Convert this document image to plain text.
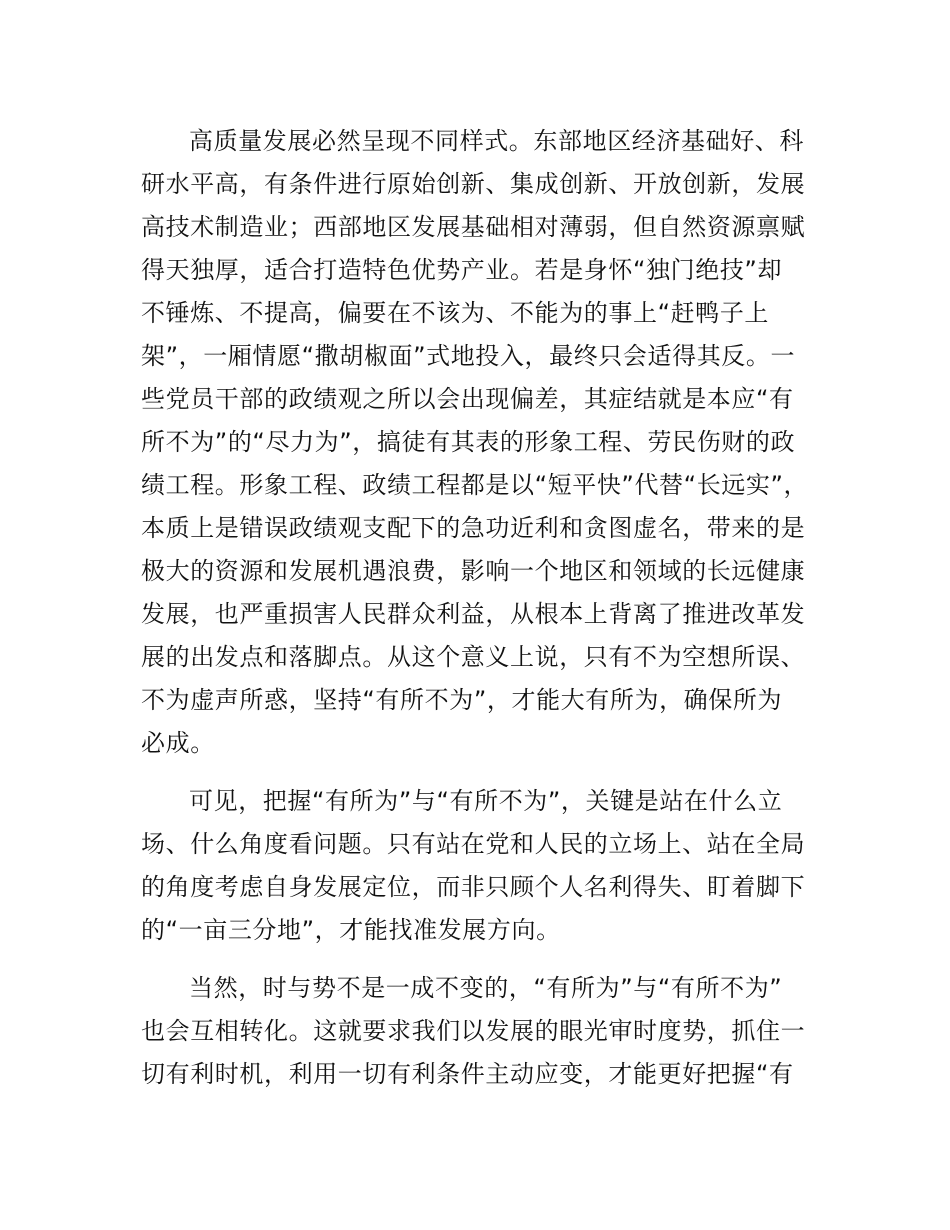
高质量发展必然呈现不同样式。东部地区经济基础好、科
研水平高，有条件进行原始创新、集成创新、开放创新，发展
高技术制造业；西部地区发展基础相对薄弱，但自然资源禀赋
得天独厚，适合打造特色优势产业。若是身怀“独门绝技”却
不锤炼、不提高，偏要在不该为、不能为的事上“赶鸭子上
架”，一厢情愿“撒胡椒面”式地投入，最终只会适得其反。一
些党员干部的政绩观之所以会出现偏差，其症结就是本应“有
所不为”的“尽力为”，搞徒有其表的形象工程、劳民伤财的政
绩工程。形象工程、政绩工程都是以“短平快”代替“长远实”，
本质上是错误政绩观支配下的急功近利和贪图虚名，带来的是
极大的资源和发展机遇浪费，影响一个地区和领域的长远健康
发展，也严重损害人民群众利益，从根本上背离了推进改革发
展的出发点和落脚点。从这个意义上说，只有不为空想所误、
不为虚声所惑，坚持“有所不为”，才能大有所为，确保所为
必成。
可见，把握“有所为”与“有所不为”，关键是站在什么立
场、什么角度看问题。只有站在党和人民的立场上、站在全局
的角度考虑自身发展定位，而非只顾个人名利得失、盯着脚下
的“一亩三分地”，才能找准发展方向。
当然，时与势不是一成不变的，“有所为”与“有所不为”
也会互相转化。这就要求我们以发展的眼光审时度势，抓住一
切有利时机，利用一切有利条件主动应变，才能更好把握“有
